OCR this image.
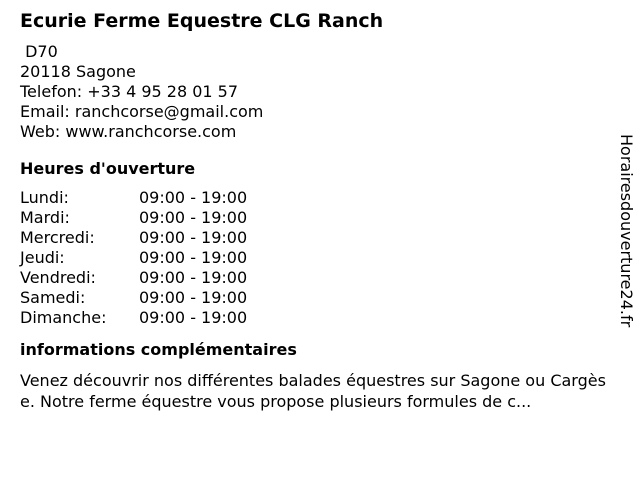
Ecurie Ferme Equestre CLG Ranch
D70
20118 Sagone
Telefon: +33 4 95 28 01 57
Email: ranchcorse@gmail.com
Web: www.ranchcorse.com
Heures d'ouverture
Lundi:	09:00 - 19:00
Mardi:	09:00 - 19:00
Mercredi:	09:00 - 19:00
Jeudi:	09:00 - 19:00
Vendredi:	09:00 - 19:00
Samedi:	09:00 - 19:00
Dimanche:	09:00 - 19:00
informations complémentaires
Venez découvrir nos différentes balades équestres sur Sagone ou Cargèse. Notre ferme équestre vous propose plusieurs formules de c...
Horairesdouverture24.fr
